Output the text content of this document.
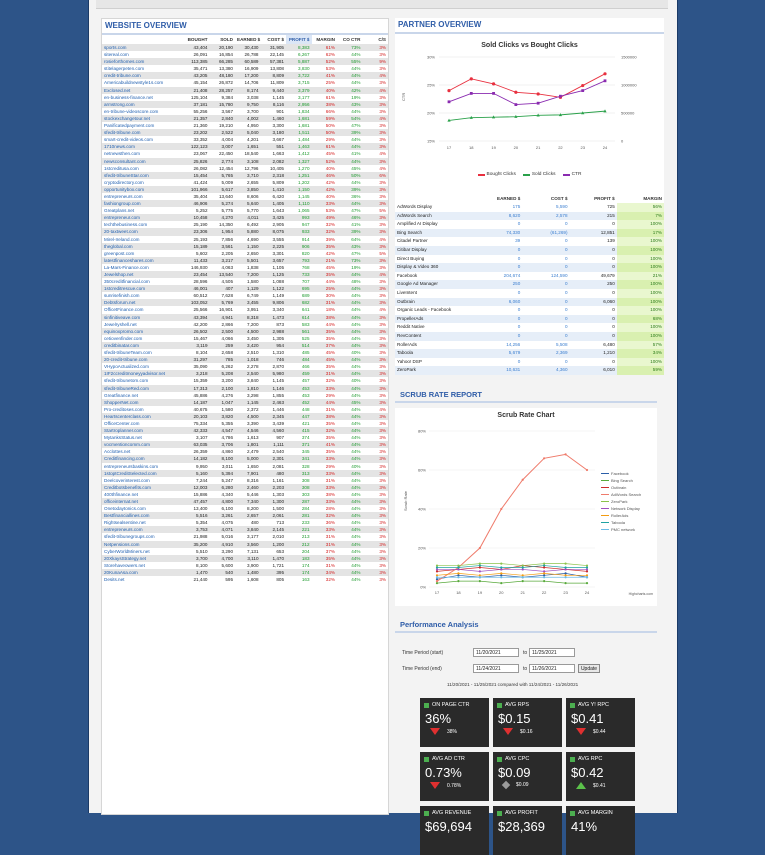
WEBSITE OVERVIEW
	BOUGHT	SOLD	EARNED $	COST $	PROFIT $	MARGIN	CO CTR	C/S
sports.com	43,404	20,190	30,430	31,905	8,383	61%	73%	3%
sitereal.com	26,091	16,854	26,788	22,145	6,267	62%	44%	3%
rosieforthomes.com	113,385	66,285	60,589	57,381	5,887	52%	55%	9%
stitelagerpeten.com	35,471	13,380	16,909	13,808	3,830	53%	44%	3%
credit-tribune.com	43,205	48,180	17,200	8,809	3,722	41%	44%	4%
Americabuildnewstyle1s.com	45,154	26,872	14,706	11,809	3,715	25%	44%	3%
Exclosed.net	21,408	28,257	8,174	9,440	3,379	40%	42%	4%
en-business-finance.net	125,104	9,384	3,038	1,145	3,177	61%	19%	3%
armstrong.com	37,181	15,780	9,750	8,116	2,956	38%	43%	3%
en-tribune-videoscore.com	55,256	3,567	3,700	901	1,834	66%	44%	3%
stockexchangetour.net	21,357	2,840	4,002	1,460	1,681	59%	54%	4%
Panificatedpayment.com	21,360	19,210	4,950	3,300	1,681	50%	47%	3%
sfedit-tribune.com	23,202	2,522	5,040	3,180	1,511	50%	39%	3%
smart-credit-videos.com	33,352	4,004	4,201	3,667	1,484	29%	44%	3%
1710news.com	122,123	3,007	1,651	551	1,463	61%	44%	3%
netnewsthen.com	23,067	22,450	18,540	1,663	1,412	45%	41%	4%
newsconsultant.com	25,826	2,774	3,108	2,082	1,327	52%	44%	3%
1stcreditusa.com	26,082	12,454	12,796	10,405	1,270	40%	45%	4%
sfedit-tribuneStar.com	15,454	5,765	3,710	2,318	1,251	46%	50%	6%
cryptodirectory.com	41,424	5,009	2,655	5,809	1,202	42%	44%	3%
opportunitybox.com	101,966	5,617	3,850	1,410	1,150	42%	39%	3%
entrepreneurs.com	35,404	13,640	8,606	6,420	1,145	40%	36%	3%
fashiongroup.com	46,906	5,274	5,640	1,405	1,110	33%	44%	3%
Greatplans.net	5,252	5,775	5,770	1,643	1,065	53%	47%	5%
entrepreneur.com	10,458	4,270	4,011	3,425	993	49%	46%	3%
techthebusiness.com	25,190	14,350	6,492	2,905	947	32%	41%	3%
20-taxtweet.com	23,306	1,954	5,880	8,075	933	32%	39%	3%
Mirel-Ireland.com	25,193	7,856	4,690	3,555	914	39%	64%	4%
theglobal.com	15,189	3,561	1,150	2,225	906	35%	43%	3%
greenpost.com	5,602	2,205	2,650	3,301	820	42%	47%	5%
latestfinanceshares.com	11,433	3,217	5,501	3,657	793	21%	73%	3%
La-Mars-Finance.com	146,930	4,063	1,838	1,105	768	45%	19%	3%
Jewelshop.net	23,454	13,540	7,200	1,125	733	35%	44%	4%
350creditfinancial.com	28,596	4,505	1,580	1,088	707	44%	48%	3%
1stcreditrescue.com	46,001	407	1,129	1,122	695	25%	44%	3%
sunrisefinish.com	60,512	7,628	6,749	1,149	689	30%	44%	3%
Debtsforum.net	103,052	5,769	3,455	9,806	682	31%	44%	3%
OfficetFinance.com	25,566	16,901	3,951	3,340	641	18%	44%	4%
sinfinitiveave.com	43,394	4,941	8,318	1,473	614	38%	44%	3%
Jewelryshell.net	42,200	2,866	7,200	873	583	44%	44%	3%
equinoxpromo.com	26,502	2,500	4,500	2,988	561	35%	44%	3%
cetiovenfinder.com	15,467	4,066	3,450	1,305	525	35%	44%	3%
creditbinatar.com	3,119	259	3,420	954	514	37%	44%	3%
sfedit-tribuneTeam.com	8,104	2,658	2,510	1,310	485	45%	40%	3%
20-credit-tribune.com	31,297	785	1,018	746	484	45%	44%	3%
VHypoActualized.com	35,090	6,262	2,278	2,870	466	35%	44%	3%
1IF2ccreditmoneyyadvisor.net	3,218	5,208	2,540	5,980	459	31%	44%	3%
sfedit-tribunetom.com	15,359	3,200	3,840	1,145	457	32%	40%	3%
sfedit-tribuneRed.com	17,313	2,100	1,810	1,146	453	33%	44%	3%
Greatfinance.net	45,886	4,276	3,298	1,855	453	29%	44%	3%
ShopperNet.com	14,187	1,047	1,145	2,463	452	44%	45%	3%
Pro-creditoses.com	40,675	1,580	2,372	1,446	448	31%	44%	4%
Heartscenterclass.com	20,103	3,820	4,500	2,345	447	38%	44%	3%
OfficeCenter.com	75,334	5,355	3,390	3,439	421	35%	44%	3%
Startroplanner.com	42,333	4,547	4,546	4,560	415	32%	44%	3%
MytanksStatus.net	3,107	4,786	1,613	907	374	35%	44%	3%
vocmentioncomm.com	63,035	3,706	1,801	1,111	371	41%	44%	3%
Acclottes.net	26,359	4,860	2,479	2,540	345	35%	44%	3%
Creditfinancing.com	14,182	8,100	5,000	2,301	341	33%	44%	3%
entrepreneursbaskins.com	9,950	3,011	1,650	2,081	328	29%	40%	3%
1stoptCreditSelected.com	5,160	5,394	7,901	480	313	33%	44%	3%
Deelcoverinterest.com	7,244	5,247	8,316	1,161	308	31%	44%	3%
Creditbotsbenefits.com	12,003	6,280	2,460	2,203	308	33%	44%	3%
400thfinance.net	15,886	4,340	5,446	1,303	303	38%	44%	3%
officeinternat.net	47,457	4,800	7,340	1,300	287	33%	44%	3%
Onetodaytonics.com	13,400	6,100	8,200	1,500	284	28%	44%	3%
Bestfinanciallines.com	5,516	3,261	2,657	2,061	281	32%	44%	3%
Rightsealsentine.net	5,354	4,075	480	713	233	36%	44%	3%
entrepreneurs.com	3,753	4,071	3,840	2,145	221	33%	44%	3%
sfedit-tribunegroups.com	21,988	5,016	3,177	2,010	213	31%	44%	3%
Netpensions.com	35,200	4,910	3,560	1,200	212	31%	44%	3%
CyberWorldMiners.net	5,510	3,290	7,131	653	204	37%	44%	3%
20XkaysStrategy.net	3,700	4,700	3,110	1,470	183	35%	44%	3%
Storehaveowers.net	8,100	5,600	3,900	1,721	174	31%	44%	3%
20KunaAsa.com	1,470	540	1,480	395	174	34%	44%	3%
Desits.net	21,440	595	1,608	805	163	32%	44%	3%
PARTNER OVERVIEW
Sold Clicks vs Bought Clicks
15%	0
20%	500000
25%	1000000
30%	1500000
CTR
17	18	19	20	21	22	23	24
Bought Clicks	Sold Clicks	CTR
	EARNED $	COST $	PROFIT $	MARGIN
AdWords Display	175	5,590	725	56%
AdWords Search	8,620	2,578	215	7%
Amplified AI Display	0	0	0	100%
Bing Search	74,330	(61,269)	12,851	17%
Citadel Partner	39	0	139	100%
Citibar Display	0	0	0	100%
Direct Buying	0	0	0	100%
Display & Video 360	0	0	0	100%
Facebook	204,674	124,590	49,679	21%
Google Ad Manager	250	0	250	100%
LiveIntent	0	0	0	100%
Outbrain	6,060	0	6,060	100%
Organic Leads - Facebook	0	0	0	100%
PropellerAds	0	0	0	68%
Reddit Native	0	0	0	100%
RevContent	0	0	0	100%
RollerAds	14,256	5,508	6,480	57%
Taboola	5,679	2,369	1,210	34%
Yahoo! DSP	0	0	0	100%
ZeroPark	10,631	4,360	6,010	59%
SCRUB RATE REPORT
Scrub Rate Chart
Scrub Rate
0%
20%
40%
60%
80%
17	18	19	20	21	22	23	24
Facebook
Bing Search
Outbrain
AdWords Search
ZeroPark
Network Display
RollerAds
Taboola
PMC network
Highcharts.com
Performance Analysis
Time Period (start)	11/20/2021	to 11/25/2021
Time Period (end)	11/24/2021	to 11/26/2021	Update
11/20/2021 - 11/25/2021 compared with 11/24/2021 - 11/26/2021
ON PAGE CTR
36%
38%
AVG RPS
$0.15
$0.16
AVG Y! RPC
$0.41
$0.44
AVG AD CTR
0.73%
0.78%
AVG CPC
$0.09
$0.09
AVG RPC
$0.42
$0.41
AVG REVENUE
$69,694
AVG PROFIT
$28,369
AVG MARGIN
41%
